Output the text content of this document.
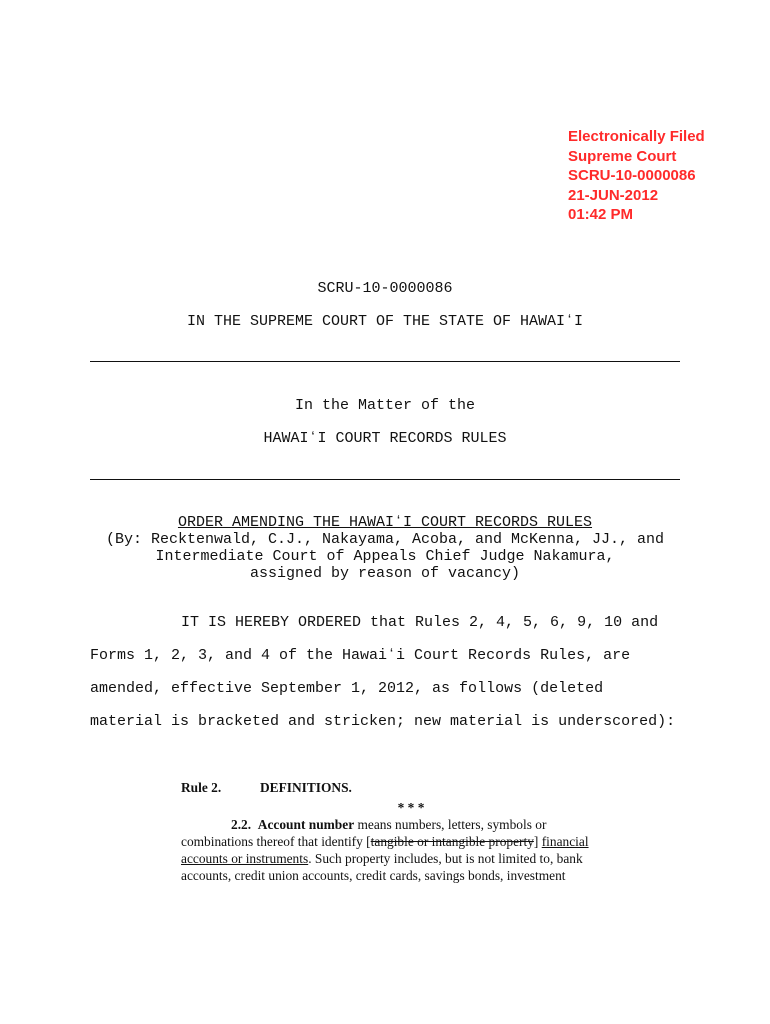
Electronically Filed
Supreme Court
SCRU-10-0000086
21-JUN-2012
01:42 PM
SCRU-10-0000086
IN THE SUPREME COURT OF THE STATE OF HAWAIʻI
In the Matter of the
HAWAIʻI COURT RECORDS RULES
ORDER AMENDING THE HAWAIʻI COURT RECORDS RULES
(By: Recktenwald, C.J., Nakayama, Acoba, and McKenna, JJ., and
Intermediate Court of Appeals Chief Judge Nakamura,
assigned by reason of vacancy)
IT IS HEREBY ORDERED that Rules 2, 4, 5, 6, 9, 10 and
Forms 1, 2, 3, and 4 of the Hawaiʻi Court Records Rules, are
amended, effective September 1, 2012, as follows (deleted
material is bracketed and stricken; new material is underscored):
Rule 2.	DEFINITIONS.
* * *
2.2. Account number means numbers, letters, symbols or combinations thereof that identify [tangible or intangible property] financial accounts or instruments. Such property includes, but is not limited to, bank accounts, credit union accounts, credit cards, savings bonds, investment
